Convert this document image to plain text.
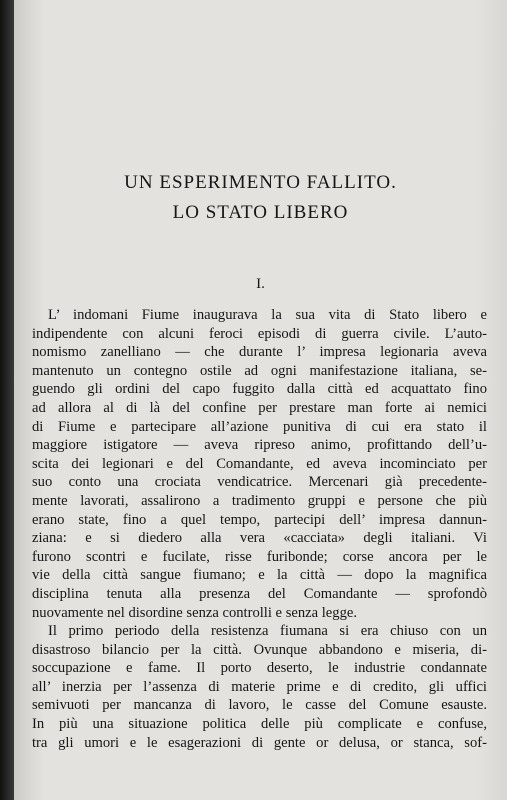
UN ESPERIMENTO FALLITO.
LO STATO LIBERO
I.
L’ indomani Fiume inaugurava la sua vita di Stato libero e
indipendente con alcuni feroci episodi di guerra civile. L’auto-
nomismo zanelliano — che durante l’ impresa legionaria aveva
mantenuto un contegno ostile ad ogni manifestazione italiana, se-
guendo gli ordini del capo fuggito dalla città ed acquattato fino
ad allora al di là del confine per prestare man forte ai nemici
di Fiume e partecipare all’azione punitiva di cui era stato il
maggiore istigatore — aveva ripreso animo, profittando dell’u-
scita dei legionari e del Comandante, ed aveva incominciato per
suo conto una crociata vendicatrice. Mercenari già precedente-
mente lavorati, assalirono a tradimento gruppi e persone che più
erano state, fino a quel tempo, partecipi dell’ impresa dannun-
ziana: e si diedero alla vera «cacciata» degli italiani. Vi
furono scontri e fucilate, risse furibonde; corse ancora per le
vie della città sangue fiumano; e la città — dopo la magnifica
disciplina tenuta alla presenza del Comandante — sprofondò
nuovamente nel disordine senza controlli e senza legge.
Il primo periodo della resistenza fiumana si era chiuso con un
disastroso bilancio per la città. Ovunque abbandono e miseria, di-
soccupazione e fame. Il porto deserto, le industrie condannate
all’ inerzia per l’assenza di materie prime e di credito, gli uffici
semivuoti per mancanza di lavoro, le casse del Comune esauste.
In più una situazione politica delle più complicate e confuse,
tra gli umori e le esagerazioni di gente or delusa, or stanca, sof-
